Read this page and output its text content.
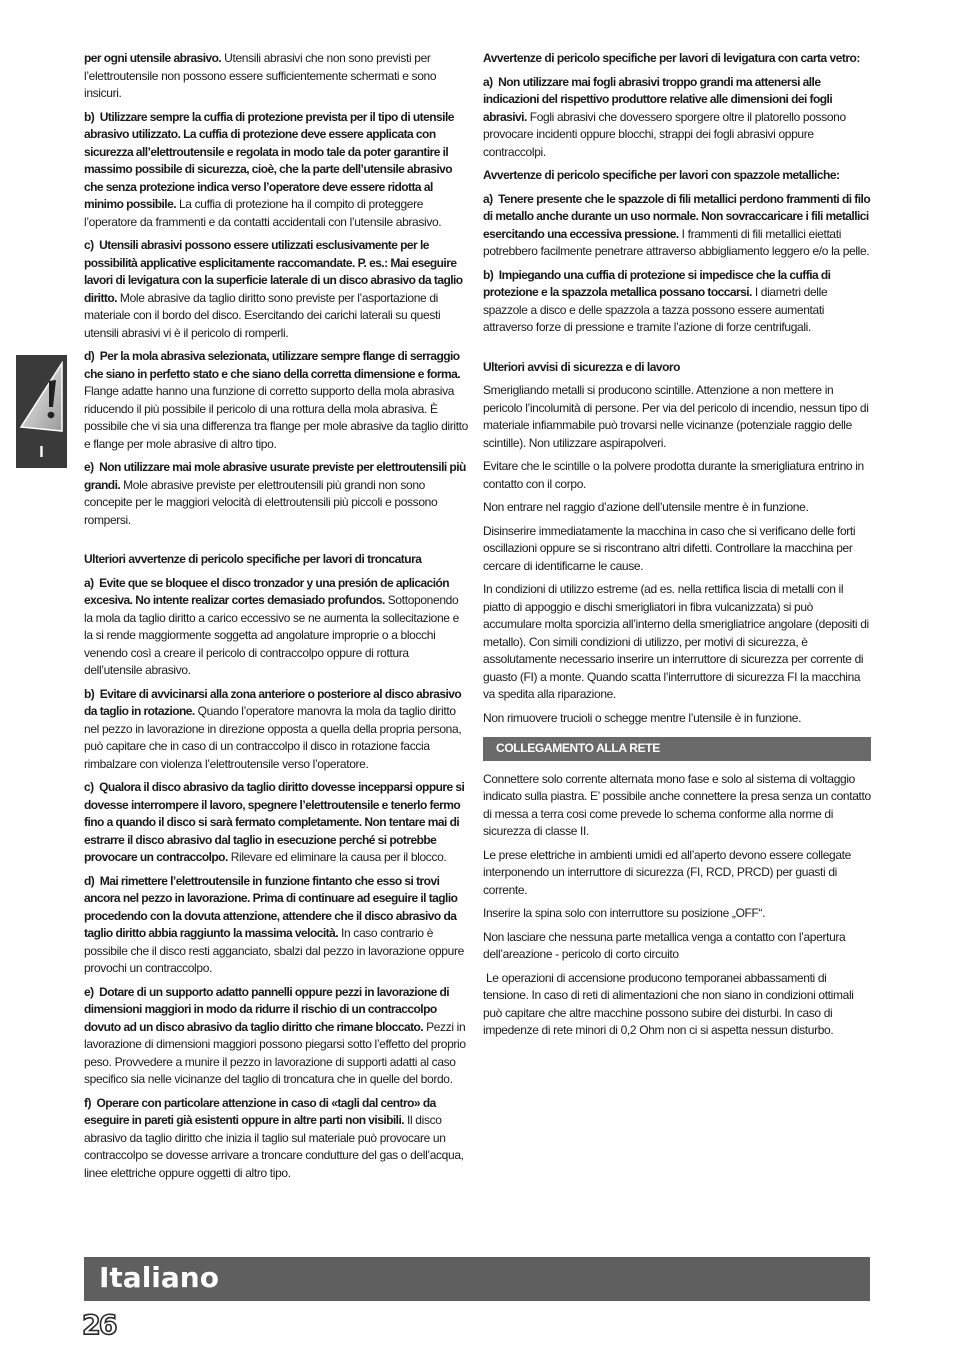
per ogni utensile abrasivo. Utensili abrasivi che non sono previsti per l’elettroutensile non possono essere sufficientemente schermati e sono insicuri.

b)  Utilizzare sempre la cuffia di protezione prevista per il tipo di utensile abrasivo utilizzato. La cuffia di protezione deve essere applicata con sicurezza all’elettroutensile e regolata in modo tale da poter garantire il massimo possibile di sicurezza, cioè, che la parte dell’utensile abrasivo che senza protezione indica verso l’operatore deve essere ridotta al minimo possibile. La cuffia di protezione ha il compito di proteggere l’operatore da frammenti e da contatti accidentali con l’utensile abrasivo.

c)  Utensili abrasivi possono essere utilizzati esclusivamente per le possibilità applicative esplicitamente raccomandate. P. es.: Mai eseguire lavori di levigatura con la superficie laterale di un disco abrasivo da taglio diritto. Mole abrasive da taglio diritto sono previste per l’asportazione di materiale con il bordo del disco. Esercitando dei carichi laterali su questi utensili abrasivi vi è il pericolo di romperli.

d)  Per la mola abrasiva selezionata, utilizzare sempre flange di serraggio che siano in perfetto stato e che siano della corretta dimensione e forma. Flange adatte hanno una funzione di corretto supporto della mola abrasiva riducendo il più possibile il pericolo di una rottura della mola abrasiva. È possibile che vi sia una differenza tra flange per mole abrasive da taglio diritto e flange per mole abrasive di altro tipo.

e)  Non utilizzare mai mole abrasive usurate previste per elettroutensili più grandi. Mole abrasive previste per elettroutensili più grandi non sono concepite per le maggiori velocità di elettroutensili più piccoli e possono rompersi.

Ulteriori avvertenze di pericolo specifiche per lavori di troncatura

a)  Evite que se bloquee el disco tronzador y una presión de aplicación excesiva. No intente realizar cortes demasiado profundos. Sottoponendo la mola da taglio diritto a carico eccessivo se ne aumenta la sollecitazione e la si rende maggiormente soggetta ad angolature improprie o a blocchi venendo così a creare il pericolo di contraccolpo oppure di rottura dell’utensile abrasivo.

b)  Evitare di avvicinarsi alla zona anteriore o posteriore al disco abrasivo da taglio in rotazione. Quando l’operatore manovra la mola da taglio diritto nel pezzo in lavorazione in direzione opposta a quella della propria persona, può capitare che in caso di un contraccolpo il disco in rotazione faccia rimbalzare con violenza l’elettroutensile verso l’operatore.

c)  Qualora il disco abrasivo da taglio diritto dovesse incepparsi oppure si dovesse interrompere il lavoro, spegnere l’elettroutensile e tenerlo fermo fino a quando il disco si sarà fermato completamente. Non tentare mai di estrarre il disco abrasivo dal taglio in esecuzione perché si potrebbe provocare un contraccolpo. Rilevare ed eliminare la causa per il blocco.

d)  Mai rimettere l’elettroutensile in funzione fintanto che esso si trovi ancora nel pezzo in lavorazione. Prima di continuare ad eseguire il taglio procedendo con la dovuta attenzione, attendere che il disco abrasivo da taglio diritto abbia raggiunto la massima velocità. In caso contrario è possibile che il disco resti agganciato, sbalzi dal pezzo in lavorazione oppure provochi un contraccolpo.

e)  Dotare di un supporto adatto pannelli oppure pezzi in lavorazione di dimensioni maggiori in modo da ridurre il rischio di un contraccolpo dovuto ad un disco abrasivo da taglio diritto che rimane bloccato. Pezzi in lavorazione di dimensioni maggiori possono piegarsi sotto l’effetto del proprio peso. Provvedere a munire il pezzo in lavorazione di supporti adatti al caso specifico sia nelle vicinanze del taglio di troncatura che in quelle del bordo.

f)  Operare con particolare attenzione in caso di «tagli dal centro» da eseguire in pareti già esistenti oppure in altre parti non visibili. Il disco abrasivo da taglio diritto che inizia il taglio sul materiale può provocare un contraccolpo se dovesse arrivare a troncare condutture del gas o dell’acqua, linee elettriche oppure oggetti di altro tipo.

Avvertenze di pericolo specifiche per lavori di levigatura con carta vetro:

a)  Non utilizzare mai fogli abrasivi troppo grandi ma attenersi alle indicazioni del rispettivo produttore relative alle dimensioni dei fogli abrasivi. Fogli abrasivi che dovessero sporgere oltre il platorello possono provocare incidenti oppure blocchi, strappi dei fogli abrasivi oppure contraccolpi.

Avvertenze di pericolo specifiche per lavori con spazzole metalliche:

a)  Tenere presente che le spazzole di fili metallici perdono frammenti di filo di metallo anche durante un uso normale. Non sovraccaricare i fili metallici esercitando una eccessiva pressione. I frammenti di fili metallici eiettati potrebbero facilmente penetrare attraverso abbigliamento leggero e/o la pelle.

b)  Impiegando una cuffia di protezione si impedisce che la cuffia di protezione e la spazzola metallica possano toccarsi. I diametri delle spazzole a disco e delle spazzola a tazza possono essere aumentati attraverso forze di pressione e tramite l’azione di forze centrifugali.

Ulteriori avvisi di sicurezza e di lavoro

Smerigliando metalli si producono scintille. Attenzione a non mettere in pericolo l’incolumità di persone. Per via del pericolo di incendio, nessun tipo di materiale infiammabile può trovarsi nelle vicinanze (potenziale raggio delle scintille). Non utilizzare aspirapolveri.

Evitare che le scintille o la polvere prodotta durante la smerigliatura entrino in contatto con il corpo.

Non entrare nel raggio d’azione dell’utensile mentre è in funzione.

Disinserire immediatamente la macchina in caso che si verificano delle forti oscillazioni oppure se si riscontrano altri difetti. Controllare la macchina per cercare di identificarne le cause.

In condizioni di utilizzo estreme (ad es. nella rettifica liscia di metalli con il piatto di appoggio e dischi smerigliatori in fibra vulcanizzata) si può accumulare molta sporcizia all’interno della smerigliatrice angolare (depositi di metallo). Con simili condizioni di utilizzo, per motivi di sicurezza, è assolutamente necessario inserire un interruttore di sicurezza per corrente di guasto (FI) a monte. Quando scatta l’interruttore di sicurezza FI la macchina va spedita alla riparazione.

Non rimuovere trucioli o schegge mentre l’utensile è in funzione.

COLLEGAMENTO ALLA RETE

Connettere solo corrente alternata mono fase e solo al sistema di voltaggio indicato sulla piastra. E’ possibile anche connettere la presa senza un contatto di messa a terra cosi come prevede lo schema conforme alla norme di sicurezza di classe II.

Le prese elettriche in ambienti umidi ed all’aperto devono essere collegate interponendo un interruttore di sicurezza (FI, RCD, PRCD) per guasti di corrente.

Inserire la spina solo con interruttore su posizione „OFF“.

Non lasciare che nessuna parte metallica venga a contatto con l’apertura dell’areazione - pericolo di corto circuito

Le operazioni di accensione producono temporanei abbassamenti di tensione. In caso di reti di alimentazioni che non siano in condizioni ottimali può capitare che altre macchine possono subire dei disturbi. In caso di impedenze di rete minori di 0,2 Ohm non ci si aspetta nessun disturbo.

I
Italiano
26
